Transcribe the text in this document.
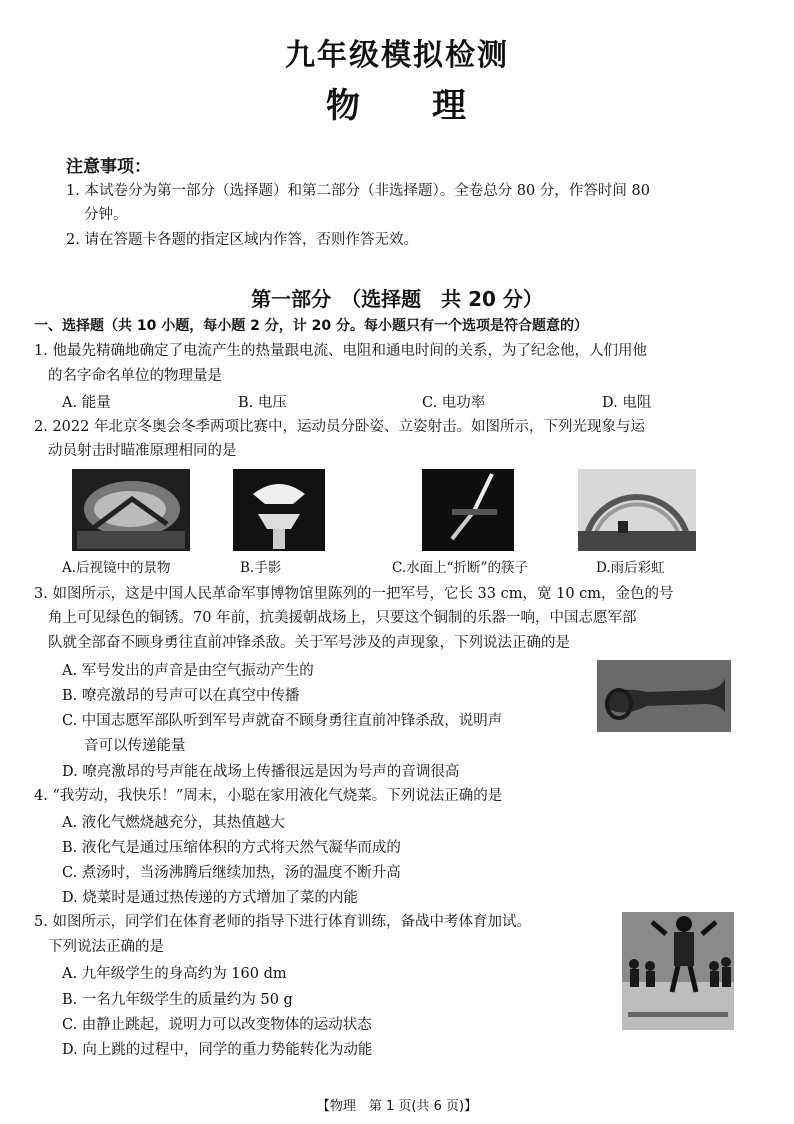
九年级模拟检测
物 理
注意事项：
1. 本试卷分为第一部分（选择题）和第二部分（非选择题）。全卷总分 80 分，作答时间 80
分钟。
2. 请在答题卡各题的指定区域内作答，否则作答无效。
第一部分　（选择题　共 20 分）
一、选择题（共 10 小题，每小题 2 分，计 20 分。每小题只有一个选项是符合题意的）
1. 他最先精确地确定了电流产生的热量跟电流、电阻和通电时间的关系，为了纪念他，人们用他
的名字命名单位的物理量是
A. 能量	B. 电压	C. 电功率	D. 电阻
2. 2022 年北京冬奥会冬季两项比赛中，运动员分卧姿、立姿射击。如图所示，下列光现象与运
动员射击时瞄准原理相同的是
A.后视镜中的景物	B.手影	C.水面上“折断”的筷子	D.雨后彩虹
3. 如图所示，这是中国人民革命军事博物馆里陈列的一把军号，它长 33 cm，宽 10 cm，金色的号
角上可见绿色的铜锈。70 年前，抗美援朝战场上，只要这个铜制的乐器一响，中国志愿军部
队就全部奋不顾身勇往直前冲锋杀敌。关于军号涉及的声现象，下列说法正确的是
A. 军号发出的声音是由空气振动产生的
B. 嘹亮激昂的号声可以在真空中传播
C. 中国志愿军部队听到军号声就奋不顾身勇往直前冲锋杀敌，说明声
音可以传递能量
D. 嘹亮激昂的号声能在战场上传播很远是因为号声的音调很高
4. “我劳动，我快乐！”周末，小聪在家用液化气烧菜。下列说法正确的是
A. 液化气燃烧越充分，其热值越大
B. 液化气是通过压缩体积的方式将天然气凝华而成的
C. 煮汤时，当汤沸腾后继续加热，汤的温度不断升高
D. 烧菜时是通过热传递的方式增加了菜的内能
5. 如图所示，同学们在体育老师的指导下进行体育训练，备战中考体育加试。
下列说法正确的是
A. 九年级学生的身高约为 160 dm
B. 一名九年级学生的质量约为 50 g
C. 由静止跳起，说明力可以改变物体的运动状态
D. 向上跳的过程中，同学的重力势能转化为动能
【物理　第 1 页(共 6 页)】
